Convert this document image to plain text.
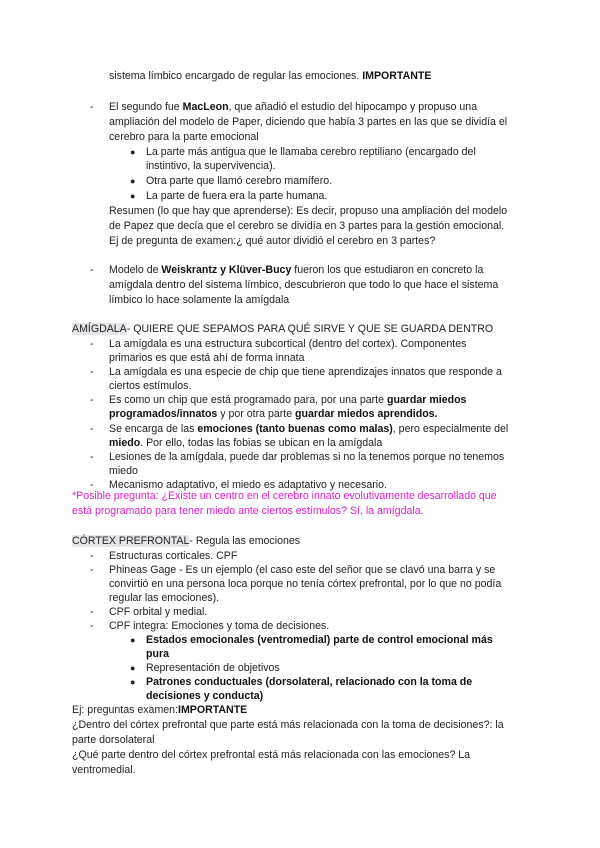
sistema límbico encargado de regular las emociones. IMPORTANTE
- El segundo fue MacLeon, que añadió el estudio del hipocampo y propuso una
ampliación del modelo de Paper, diciendo que había 3 partes en las que se dividía el
cerebro para la parte emocional
● La parte más antigua que le llamaba cerebro reptiliano (encargado del
instintivo, la supervivencia).
● Otra parte que llamó cerebro mamífero.
● La parte de fuera era la parte humana.
Resumen (lo que hay que aprenderse): Es decir, propuso una ampliación del modelo
de Papez que decía que el cerebro se dividía en 3 partes para la gestión emocional.
Ej de pregunta de examen:¿ qué autor dividió el cerebro en 3 partes?
- Modelo de Weiskrantz y Klüver-Bucy fueron los que estudiaron en concreto la
amígdala dentro del sistema límbico, descubrieron que todo lo que hace el sistema
límbico lo hace solamente la amígdala
AMÍGDALA- QUIERE QUE SEPAMOS PARA QUÉ SIRVE Y QUE SE GUARDA DENTRO
- La amígdala es una estructura subcortical (dentro del cortex). Componentes
primarios es que está ahí de forma innata
- La amígdala es una especie de chip que tiene aprendizajes innatos que responde a
ciertos estímulos.
- Es como un chip que está programado para, por una parte guardar miedos
programados/innatos y por otra parte guardar miedos aprendidos.
- Se encarga de las emociones (tanto buenas como malas), pero especialmente del
miedo. Por ello, todas las fobias se ubican en la amígdala
- Lesiones de la amígdala, puede dar problemas si no la tenemos porque no tenemos
miedo
- Mecanismo adaptativo, el miedo es adaptativo y necesario.
*Posible pregunta: ¿Existe un centro en el cerebro innato evolutivamente desarrollado que
está programado para tener miedo ante ciertos estímulos? Sí, la amígdala.
CÓRTEX PREFRONTAL- Regula las emociones
- Estructuras corticales. CPF
- Phineas Gage - Es un ejemplo (el caso este del señor que se clavó una barra y se
convirtió en una persona loca porque no tenía córtex prefrontal, por lo que no podía
regular las emociones).
- CPF orbital y medial.
- CPF integra: Emociones y toma de decisiones.
● Estados emocionales (ventromedial) parte de control emocional más
pura
● Representación de objetivos
● Patrones conductuales (dorsolateral, relacionado con la toma de
decisiones y conducta)
Ej: preguntas examen:IMPORTANTE
¿Dentro del córtex prefrontal que parte está más relacionada con la toma de decisiones?: la
parte dorsolateral
¿Qué parte dentro del córtex prefrontal está más relacionada con las emociones? La
ventromedial.
